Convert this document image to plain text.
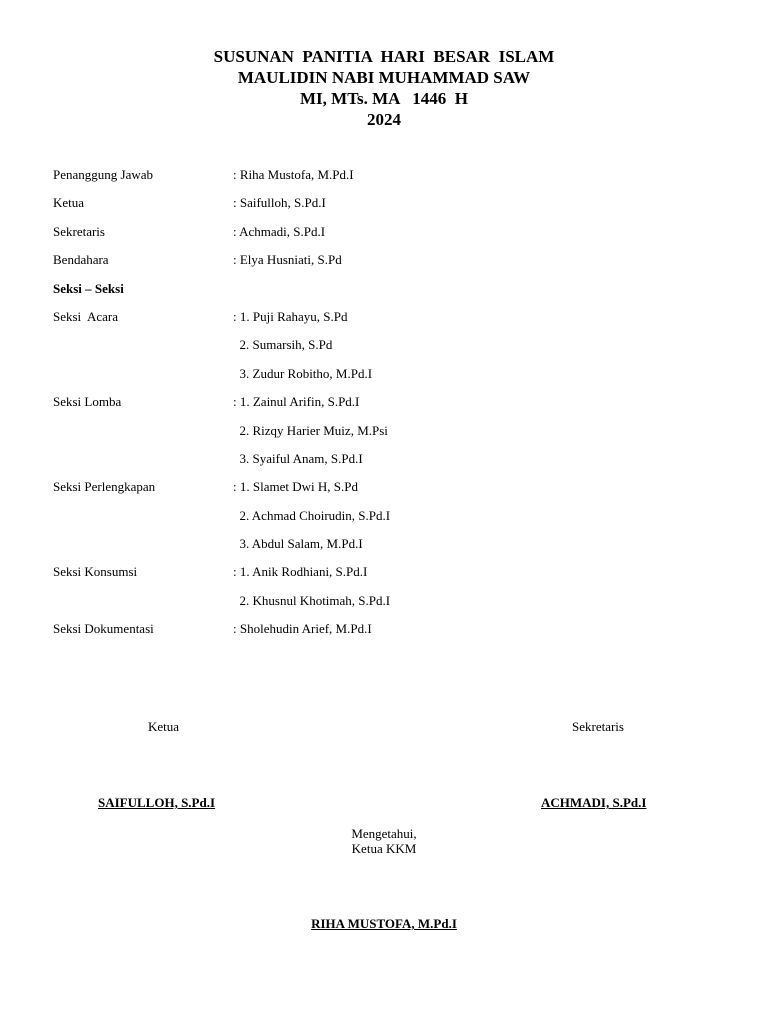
SUSUNAN  PANITIA  HARI  BESAR  ISLAM
MAULIDIN NABI MUHAMMAD SAW
MI, MTs. MA   1446  H
2024
Penanggung Jawab	: Riha Mustofa, M.Pd.I
Ketua	: Saifulloh, S.Pd.I
Sekretaris	: Achmadi, S.Pd.I
Bendahara	: Elya Husniati, S.Pd
Seksi – Seksi
Seksi  Acara	: 1. Puji Rahayu, S.Pd
2. Sumarsih, S.Pd
3. Zudur Robitho, M.Pd.I
Seksi Lomba	: 1. Zainul Arifin, S.Pd.I
2. Rizqy Harier Muiz, M.Psi
3. Syaiful Anam, S.Pd.I
Seksi Perlengkapan	: 1. Slamet Dwi H, S.Pd
2. Achmad Choirudin, S.Pd.I
3. Abdul Salam, M.Pd.I
Seksi Konsumsi	: 1. Anik Rodhiani, S.Pd.I
2. Khusnul Khotimah, S.Pd.I
Seksi Dokumentasi	: Sholehudin Arief, M.Pd.I
Ketua	Sekretaris
SAIFULLOH, S.Pd.I	ACHMADI, S.Pd.I
Mengetahui,
Ketua KKM
RIHA MUSTOFA, M.Pd.I
